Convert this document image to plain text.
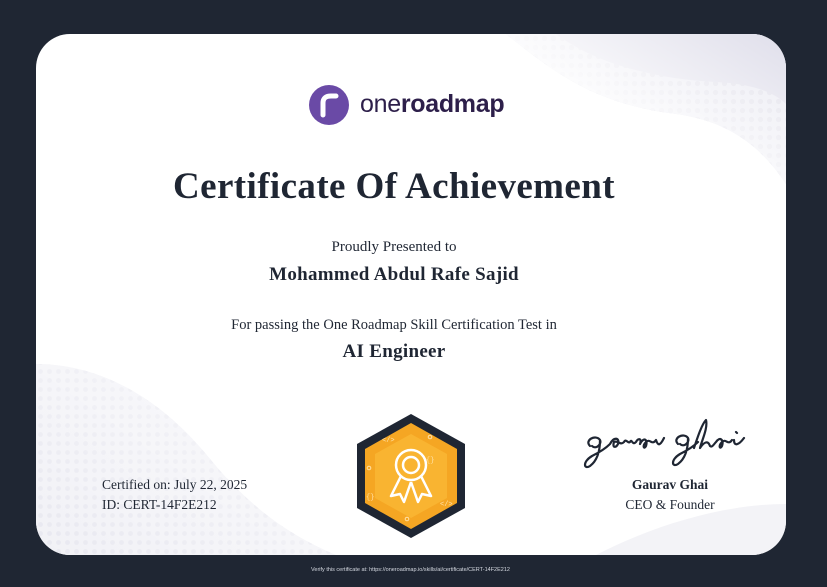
oneroadmap
Certificate Of Achievement
Proudly Presented to
Mohammed Abdul Rafe Sajid
For passing the One Roadmap Skill Certification Test in
AI Engineer
Certified on: July 22, 2025
ID: CERT-14F2E212
</>
{}
{}
</>
Gaurav Ghai
CEO & Founder
Verify this certificate at: https://oneroadmap.io/skills/ai/certificate/CERT-14F2E212
